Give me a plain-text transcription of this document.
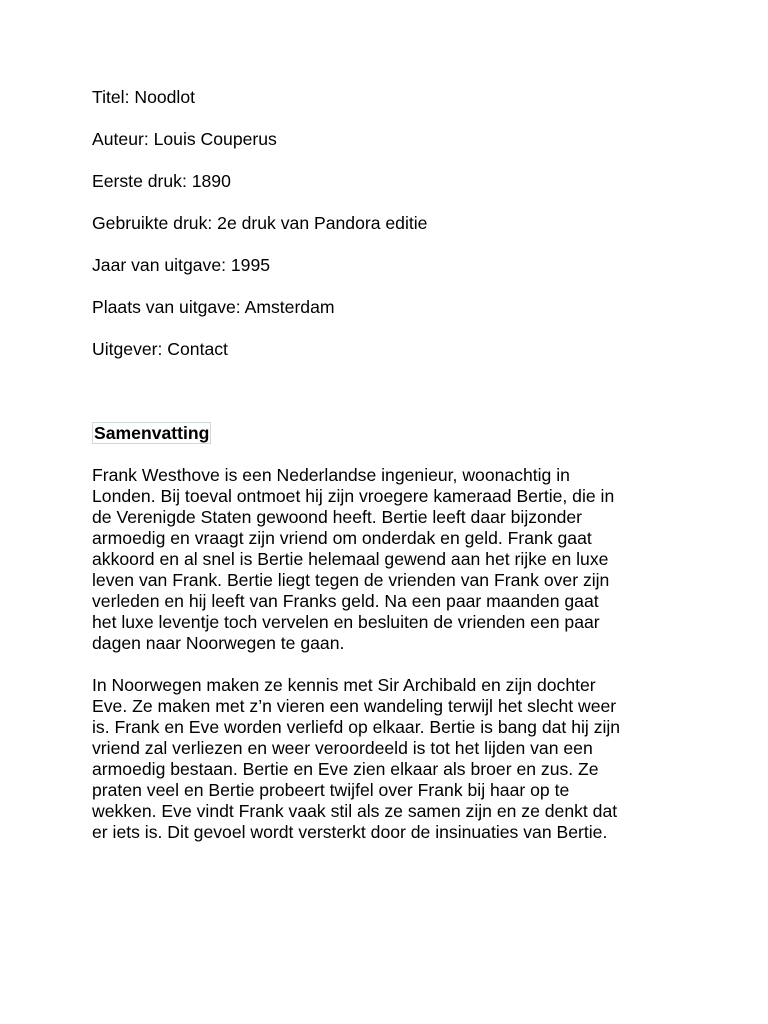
Titel: Noodlot

Auteur: Louis Couperus

Eerste druk: 1890

Gebruikte druk: 2e druk van Pandora editie

Jaar van uitgave: 1995

Plaats van uitgave: Amsterdam

Uitgever: Contact

Samenvatting

Frank Westhove is een Nederlandse ingenieur, woonachtig in
Londen. Bij toeval ontmoet hij zijn vroegere kameraad Bertie, die in
de Verenigde Staten gewoond heeft. Bertie leeft daar bijzonder
armoedig en vraagt zijn vriend om onderdak en geld. Frank gaat
akkoord en al snel is Bertie helemaal gewend aan het rijke en luxe
leven van Frank. Bertie liegt tegen de vrienden van Frank over zijn
verleden en hij leeft van Franks geld. Na een paar maanden gaat
het luxe leventje toch vervelen en besluiten de vrienden een paar
dagen naar Noorwegen te gaan.
In Noorwegen maken ze kennis met Sir Archibald en zijn dochter
Eve. Ze maken met z’n vieren een wandeling terwijl het slecht weer
is. Frank en Eve worden verliefd op elkaar. Bertie is bang dat hij zijn
vriend zal verliezen en weer veroordeeld is tot het lijden van een
armoedig bestaan. Bertie en Eve zien elkaar als broer en zus. Ze
praten veel en Bertie probeert twijfel over Frank bij haar op te
wekken. Eve vindt Frank vaak stil als ze samen zijn en ze denkt dat
er iets is. Dit gevoel wordt versterkt door de insinuaties van Bertie.
